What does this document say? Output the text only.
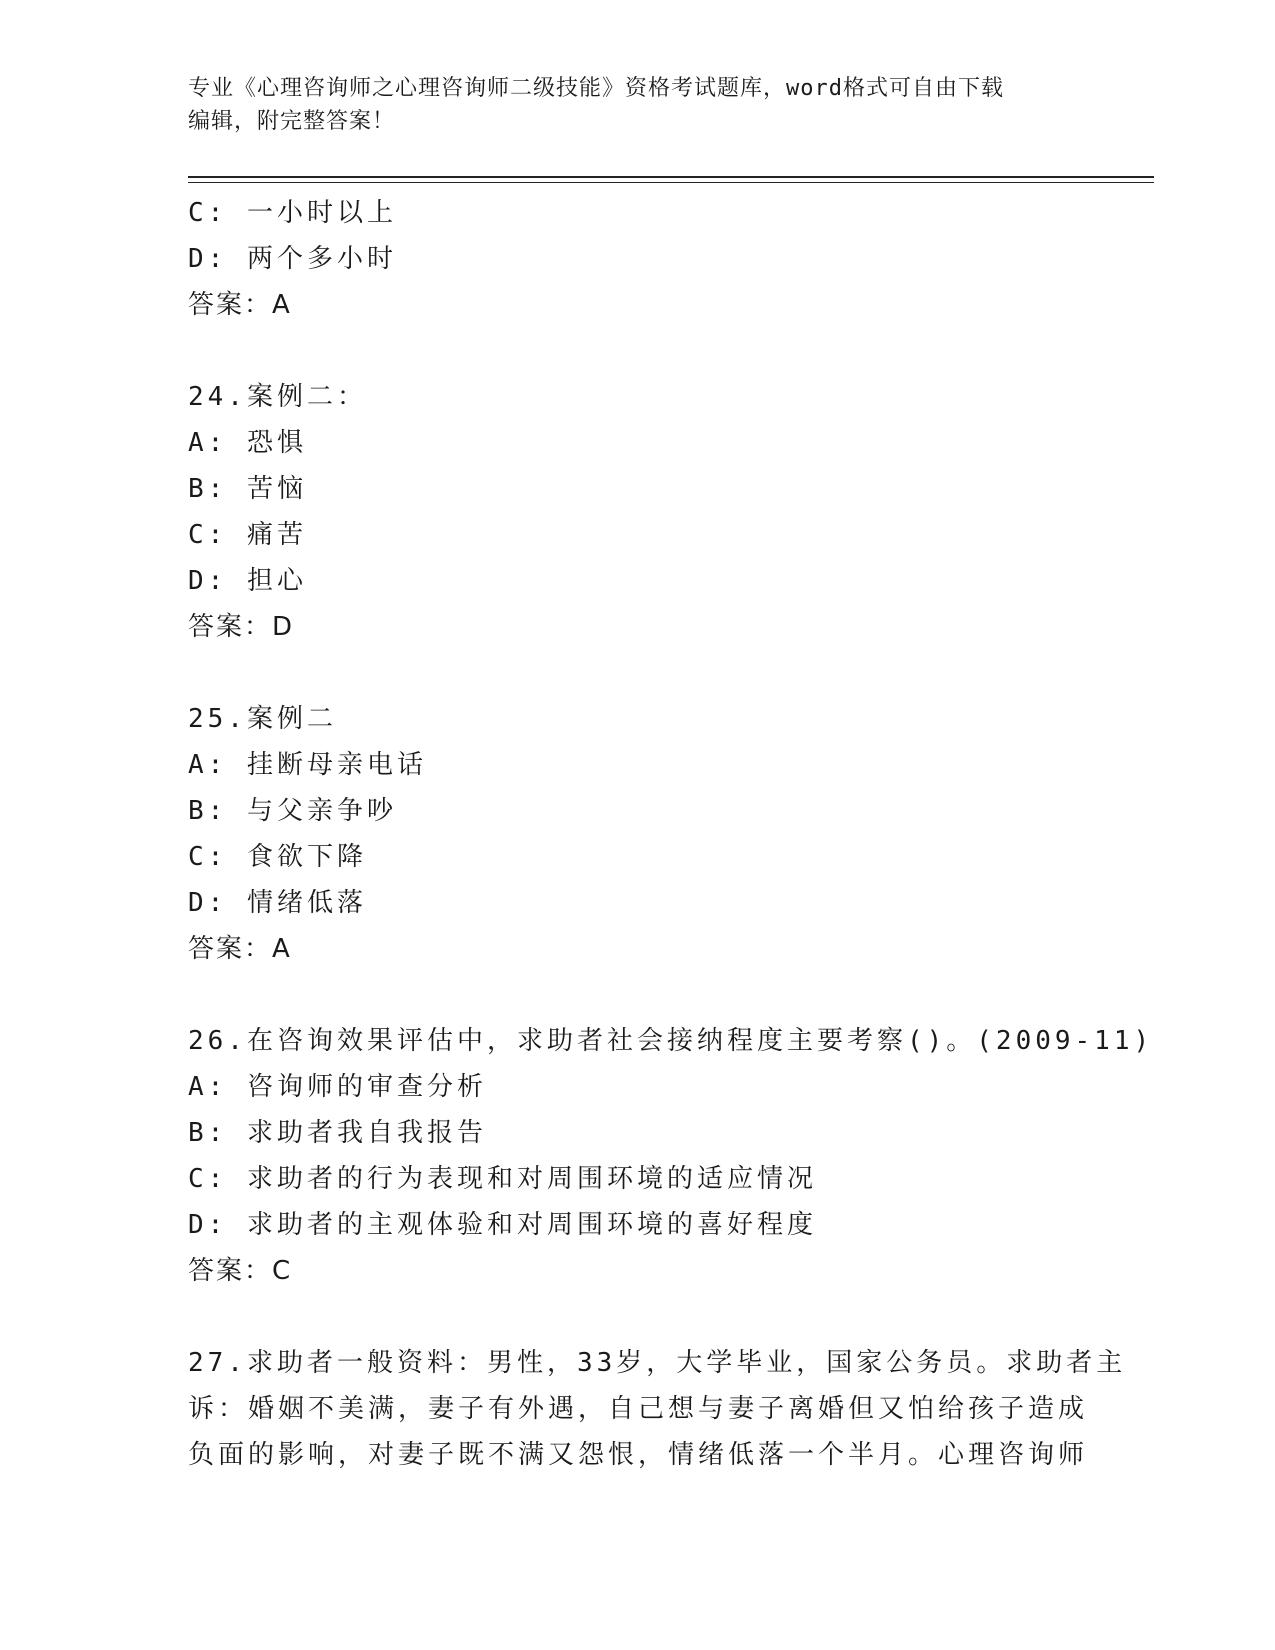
专业《心理咨询师之心理咨询师二级技能》资格考试题库，word格式可自由下载
编辑，附完整答案！
C: 一小时以上
D: 两个多小时
答案：A
24.案例二：
A: 恐惧
B: 苦恼
C: 痛苦
D: 担心
答案：D
25.案例二
A: 挂断母亲电话
B: 与父亲争吵
C: 食欲下降
D: 情绪低落
答案：A
26.在咨询效果评估中，求助者社会接纳程度主要考察()。(2009-11)
A: 咨询师的审查分析
B: 求助者我自我报告
C: 求助者的行为表现和对周围环境的适应情况
D: 求助者的主观体验和对周围环境的喜好程度
答案：C
27.求助者一般资料：男性，33岁，大学毕业，国家公务员。求助者主
诉：婚姻不美满，妻子有外遇，自己想与妻子离婚但又怕给孩子造成
负面的影响，对妻子既不满又怨恨，情绪低落一个半月。心理咨询师
